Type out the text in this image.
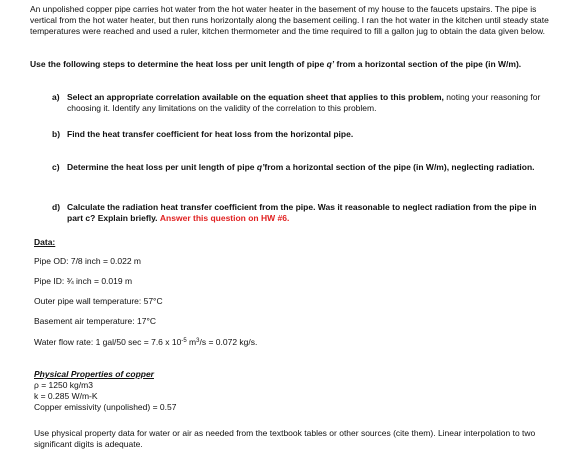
An unpolished copper pipe carries hot water from the hot water heater in the basement of my house to the faucets upstairs. The pipe is vertical from the hot water heater, but then runs horizontally along the basement ceiling. I ran the hot water in the kitchen until steady state temperatures were reached and used a ruler, kitchen thermometer and the time required to fill a gallon jug to obtain the data given below.
Use the following steps to determine the heat loss per unit length of pipe q’ from a horizontal section of the pipe (in W/m).
a) Select an appropriate correlation available on the equation sheet that applies to this problem, noting your reasoning for choosing it. Identify any limitations on the validity of the correlation to this problem.
b) Find the heat transfer coefficient for heat loss from the horizontal pipe.
c) Determine the heat loss per unit length of pipe q’from a horizontal section of the pipe (in W/m), neglecting radiation.
d) Calculate the radiation heat transfer coefficient from the pipe. Was it reasonable to neglect radiation from the pipe in part c? Explain briefly. Answer this question on HW #6.
Data:
Pipe OD: 7/8 inch = 0.022 m
Pipe ID: ¾ inch = 0.019 m
Outer pipe wall temperature: 57°C
Basement air temperature: 17°C
Water flow rate: 1 gal/50 sec = 7.6 x $10^{-5}$ $m^3/s = 0.072$ kg/s.
Physical Properties of copper
ρ = 1250 kg/m3
k = 0.285 W/m-K
Copper emissivity (unpolished) = 0.57
Use physical property data for water or air as needed from the textbook tables or other sources (cite them). Linear interpolation to two significant digits is adequate.
